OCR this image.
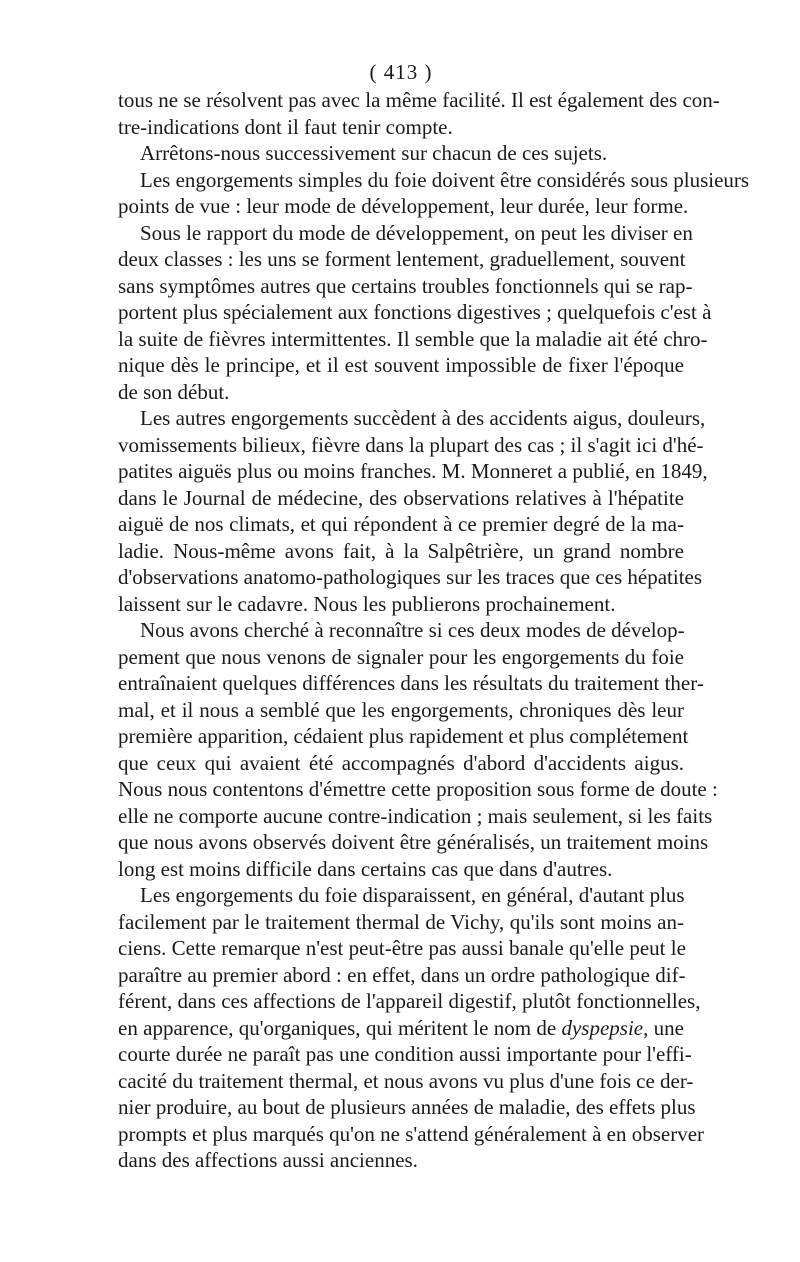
( 413 )

tous ne se résolvent pas avec la même facilité. Il est également des con-
tre-indications dont il faut tenir compte.

Arrêtons-nous successivement sur chacun de ces sujets.

Les engorgements simples du foie doivent être considérés sous plusieurs
points de vue : leur mode de développement, leur durée, leur forme.

Sous le rapport du mode de développement, on peut les diviser en
deux classes : les uns se forment lentement, graduellement, souvent
sans symptômes autres que certains troubles fonctionnels qui se rap-
portent plus spécialement aux fonctions digestives ; quelquefois c'est à
la suite de fièvres intermittentes. Il semble que la maladie ait été chro-
nique dès le principe, et il est souvent impossible de fixer l'époque
de son début.

Les autres engorgements succèdent à des accidents aigus, douleurs,
vomissements bilieux, fièvre dans la plupart des cas ; il s'agit ici d'hé-
patites aiguës plus ou moins franches. M. Monneret a publié, en 1849,
dans le Journal de médecine, des observations relatives à l'hépatite
aiguë de nos climats, et qui répondent à ce premier degré de la ma-
ladie. Nous-même avons fait, à la Salpêtrière, un grand nombre
d'observations anatomo-pathologiques sur les traces que ces hépatites
laissent sur le cadavre. Nous les publierons prochainement.

Nous avons cherché à reconnaître si ces deux modes de dévelop-
pement que nous venons de signaler pour les engorgements du foie
entraînaient quelques différences dans les résultats du traitement ther-
mal, et il nous a semblé que les engorgements, chroniques dès leur
première apparition, cédaient plus rapidement et plus complétement
que ceux qui avaient été accompagnés d'abord d'accidents aigus.
Nous nous contentons d'émettre cette proposition sous forme de doute :
elle ne comporte aucune contre-indication ; mais seulement, si les faits
que nous avons observés doivent être généralisés, un traitement moins
long est moins difficile dans certains cas que dans d'autres.

Les engorgements du foie disparaissent, en général, d'autant plus
facilement par le traitement thermal de Vichy, qu'ils sont moins an-
ciens. Cette remarque n'est peut-être pas aussi banale qu'elle peut le
paraître au premier abord : en effet, dans un ordre pathologique dif-
férent, dans ces affections de l'appareil digestif, plutôt fonctionnelles,
en apparence, qu'organiques, qui méritent le nom de dyspepsie, une
courte durée ne paraît pas une condition aussi importante pour l'effi-
cacité du traitement thermal, et nous avons vu plus d'une fois ce der-
nier produire, au bout de plusieurs années de maladie, des effets plus
prompts et plus marqués qu'on ne s'attend généralement à en observer
dans des affections aussi anciennes.
